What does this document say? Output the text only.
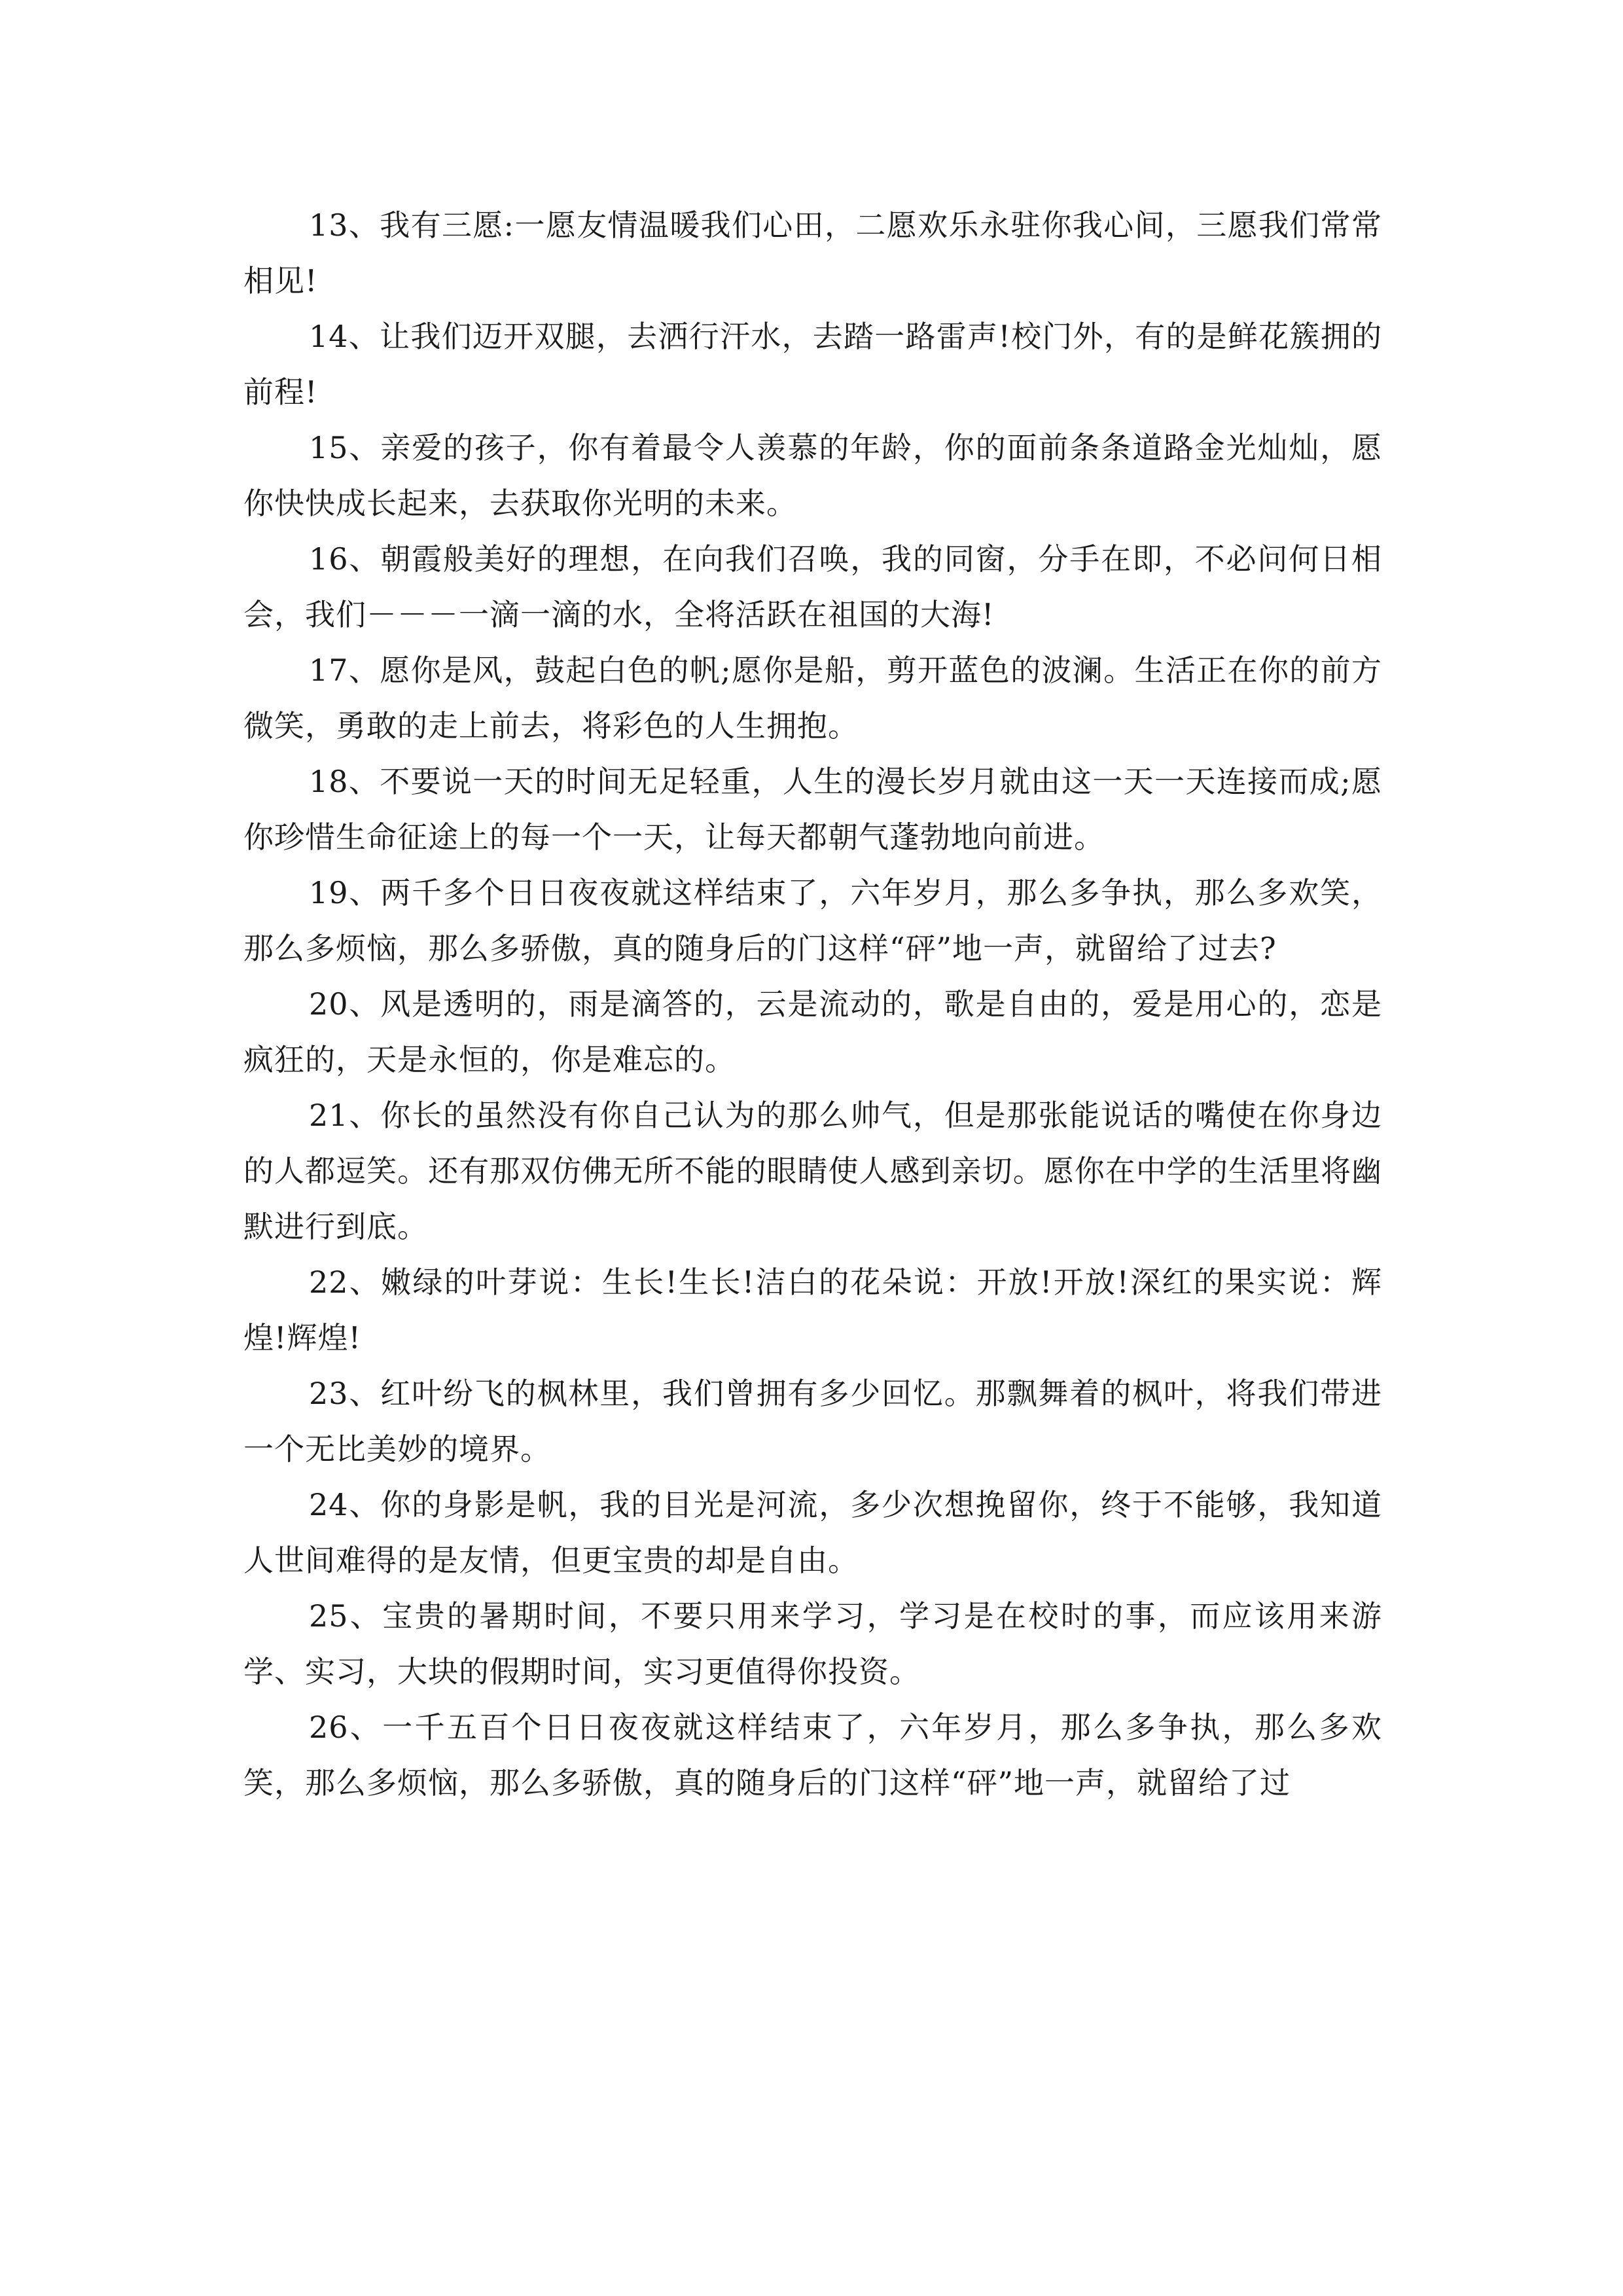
13、我有三愿:一愿友情温暖我们心田，二愿欢乐永驻你我心间，三愿我们常常相见!

14、让我们迈开双腿，去洒行汗水，去踏一路雷声!校门外，有的是鲜花簇拥的前程!

15、亲爱的孩子，你有着最令人羡慕的年龄，你的面前条条道路金光灿灿，愿你快快成长起来，去获取你光明的未来。

16、朝霞般美好的理想，在向我们召唤，我的同窗，分手在即，不必问何日相会，我们－－－一滴一滴的水，全将活跃在祖国的大海!

17、愿你是风，鼓起白色的帆;愿你是船，剪开蓝色的波澜。生活正在你的前方微笑，勇敢的走上前去，将彩色的人生拥抱。

18、不要说一天的时间无足轻重，人生的漫长岁月就由这一天一天连接而成;愿你珍惜生命征途上的每一个一天，让每天都朝气蓬勃地向前进。

19、两千多个日日夜夜就这样结束了，六年岁月，那么多争执，那么多欢笑，那么多烦恼，那么多骄傲，真的随身后的门这样“砰”地一声，就留给了过去?

20、风是透明的，雨是滴答的，云是流动的，歌是自由的，爱是用心的，恋是疯狂的，天是永恒的，你是难忘的。

21、你长的虽然没有你自己认为的那么帅气，但是那张能说话的嘴使在你身边的人都逗笑。还有那双仿佛无所不能的眼睛使人感到亲切。愿你在中学的生活里将幽默进行到底。

22、嫩绿的叶芽说：生长!生长!洁白的花朵说：开放!开放!深红的果实说：辉煌!辉煌!

23、红叶纷飞的枫林里，我们曾拥有多少回忆。那飘舞着的枫叶，将我们带进一个无比美妙的境界。

24、你的身影是帆，我的目光是河流，多少次想挽留你，终于不能够，我知道人世间难得的是友情，但更宝贵的却是自由。

25、宝贵的暑期时间，不要只用来学习，学习是在校时的事，而应该用来游学、实习，大块的假期时间，实习更值得你投资。

26、一千五百个日日夜夜就这样结束了，六年岁月，那么多争执，那么多欢笑，那么多烦恼，那么多骄傲，真的随身后的门这样“砰”地一声，就留给了过
